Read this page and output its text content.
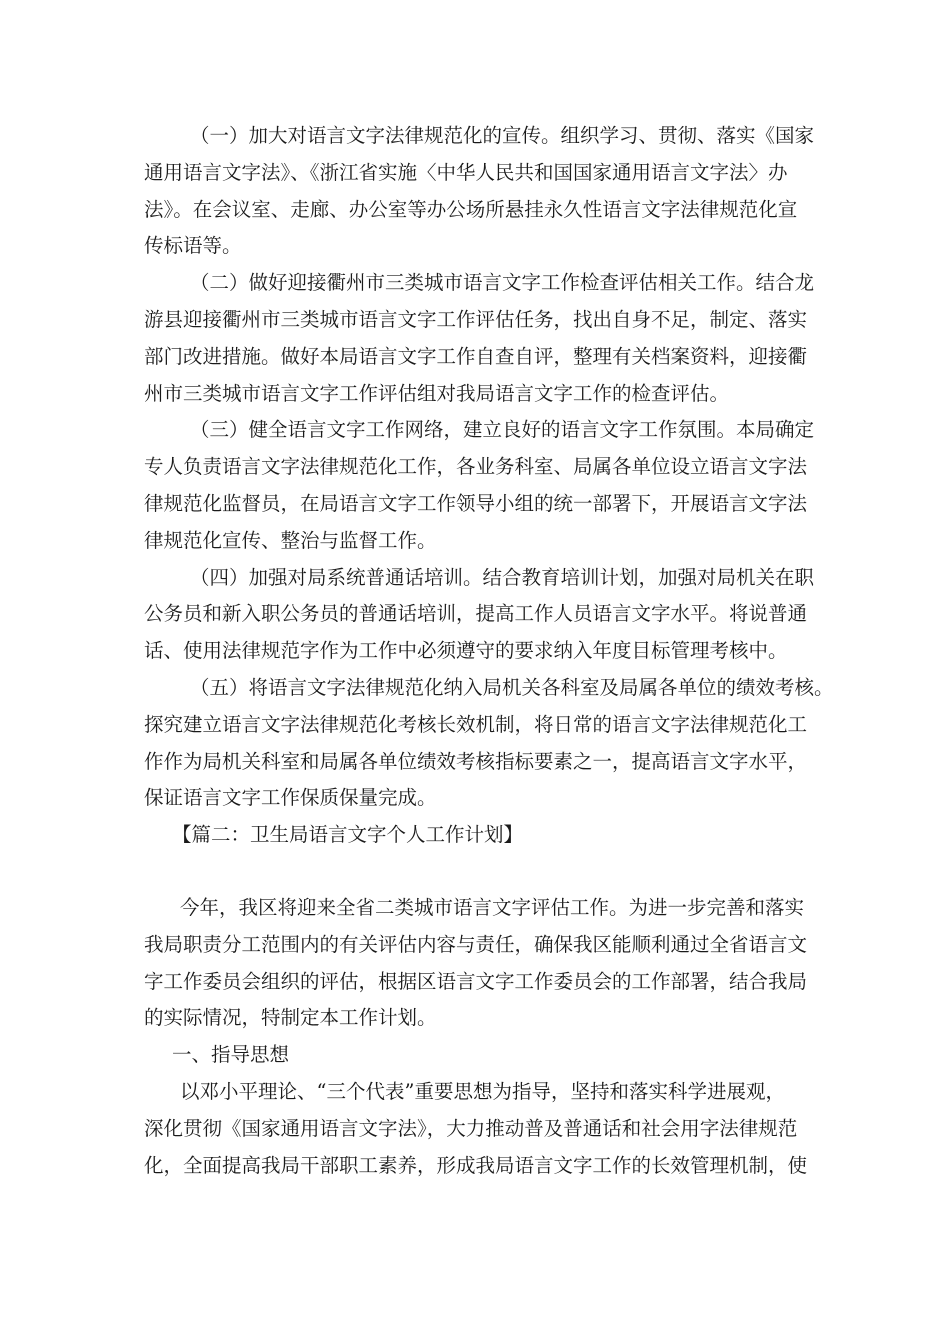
（一）加大对语言文字法律规范化的宣传。组织学习、贯彻、落实《国家
通用语言文字法》、《浙江省实施〈中华人民共和国国家通用语言文字法〉办
法》。在会议室、走廊、办公室等办公场所悬挂永久性语言文字法律规范化宣
传标语等。
（二）做好迎接衢州市三类城市语言文字工作检查评估相关工作。结合龙
游县迎接衢州市三类城市语言文字工作评估任务，找出自身不足，制定、落实
部门改进措施。做好本局语言文字工作自查自评，整理有关档案资料，迎接衢
州市三类城市语言文字工作评估组对我局语言文字工作的检查评估。
（三）健全语言文字工作网络，建立良好的语言文字工作氛围。本局确定
专人负责语言文字法律规范化工作，各业务科室、局属各单位设立语言文字法
律规范化监督员，在局语言文字工作领导小组的统一部署下，开展语言文字法
律规范化宣传、整治与监督工作。
（四）加强对局系统普通话培训。结合教育培训计划，加强对局机关在职
公务员和新入职公务员的普通话培训，提高工作人员语言文字水平。将说普通
话、使用法律规范字作为工作中必须遵守的要求纳入年度目标管理考核中。
（五）将语言文字法律规范化纳入局机关各科室及局属各单位的绩效考核。
探究建立语言文字法律规范化考核长效机制，将日常的语言文字法律规范化工
作作为局机关科室和局属各单位绩效考核指标要素之一，提高语言文字水平，
保证语言文字工作保质保量完成。
【篇二：卫生局语言文字个人工作计划】
今年，我区将迎来全省二类城市语言文字评估工作。为进一步完善和落实
我局职责分工范围内的有关评估内容与责任，确保我区能顺利通过全省语言文
字工作委员会组织的评估，根据区语言文字工作委员会的工作部署，结合我局
的实际情况，特制定本工作计划。
一、指导思想
以邓小平理论、“三个代表”重要思想为指导，坚持和落实科学进展观，
深化贯彻《国家通用语言文字法》，大力推动普及普通话和社会用字法律规范
化，全面提高我局干部职工素养，形成我局语言文字工作的长效管理机制，使
